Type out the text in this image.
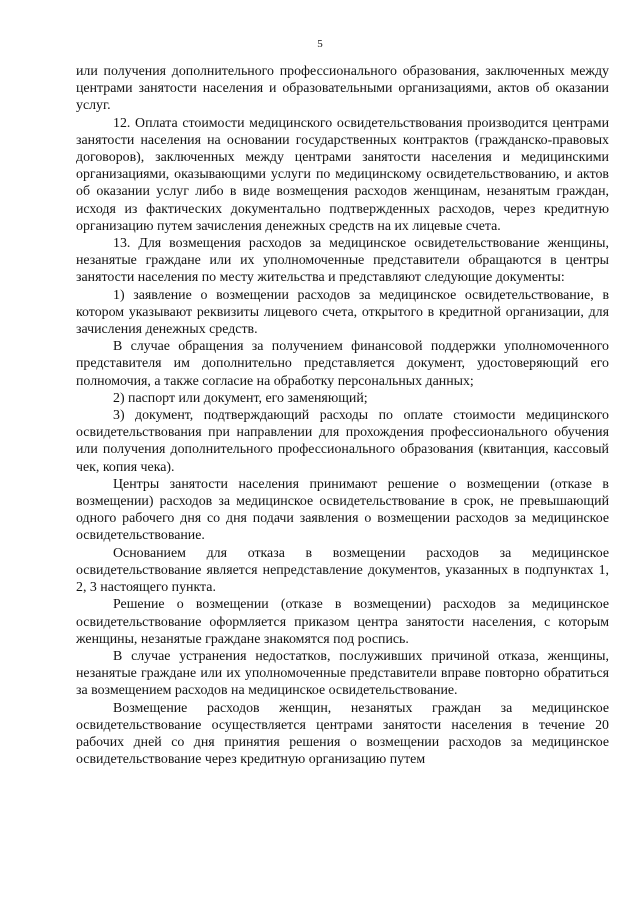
5

или получения дополнительного профессионального образования, заключенных между центрами занятости населения и образовательными организациями, актов об оказании услуг.

12. Оплата стоимости медицинского освидетельствования производится центрами занятости населения на основании государственных контрактов (гражданско-правовых договоров), заключенных между центрами занятости населения и медицинскими организациями, оказывающими услуги по медицинскому освидетельствованию, и актов об оказании услуг либо в виде возмещения расходов женщинам, незанятым граждан, исходя из фактических документально подтвержденных расходов, через кредитную организацию путем зачисления денежных средств на их лицевые счета.

13. Для возмещения расходов за медицинское освидетельствование женщины, незанятые граждане или их уполномоченные представители обращаются в центры занятости населения по месту жительства и представляют следующие документы:

1) заявление о возмещении расходов за медицинское освидетельствование, в котором указывают реквизиты лицевого счета, открытого в кредитной организации, для зачисления денежных средств.

В случае обращения за получением финансовой поддержки уполномоченного представителя им дополнительно представляется документ, удостоверяющий его полномочия, а также согласие на обработку персональных данных;

2) паспорт или документ, его заменяющий;

3) документ, подтверждающий расходы по оплате стоимости медицинского освидетельствования при направлении для прохождения профессионального обучения или получения дополнительного профессионального образования (квитанция, кассовый чек, копия чека).

Центры занятости населения принимают решение о возмещении (отказе в возмещении) расходов за медицинское освидетельствование в срок, не превышающий одного рабочего дня со дня подачи заявления о возмещении расходов за медицинское освидетельствование.

Основанием для отказа в возмещении расходов за медицинское освидетельствование является непредставление документов, указанных в подпунктах 1, 2, 3 настоящего пункта.

Решение о возмещении (отказе в возмещении) расходов за медицинское освидетельствование оформляется приказом центра занятости населения, с которым женщины, незанятые граждане знакомятся под роспись.

В случае устранения недостатков, послуживших причиной отказа, женщины, незанятые граждане или их уполномоченные представители вправе повторно обратиться за возмещением расходов на медицинское освидетельствование.

Возмещение расходов женщин, незанятых граждан за медицинское освидетельствование осуществляется центрами занятости населения в течение 20 рабочих дней со дня принятия решения о возмещении расходов за медицинское освидетельствование через кредитную организацию путем
